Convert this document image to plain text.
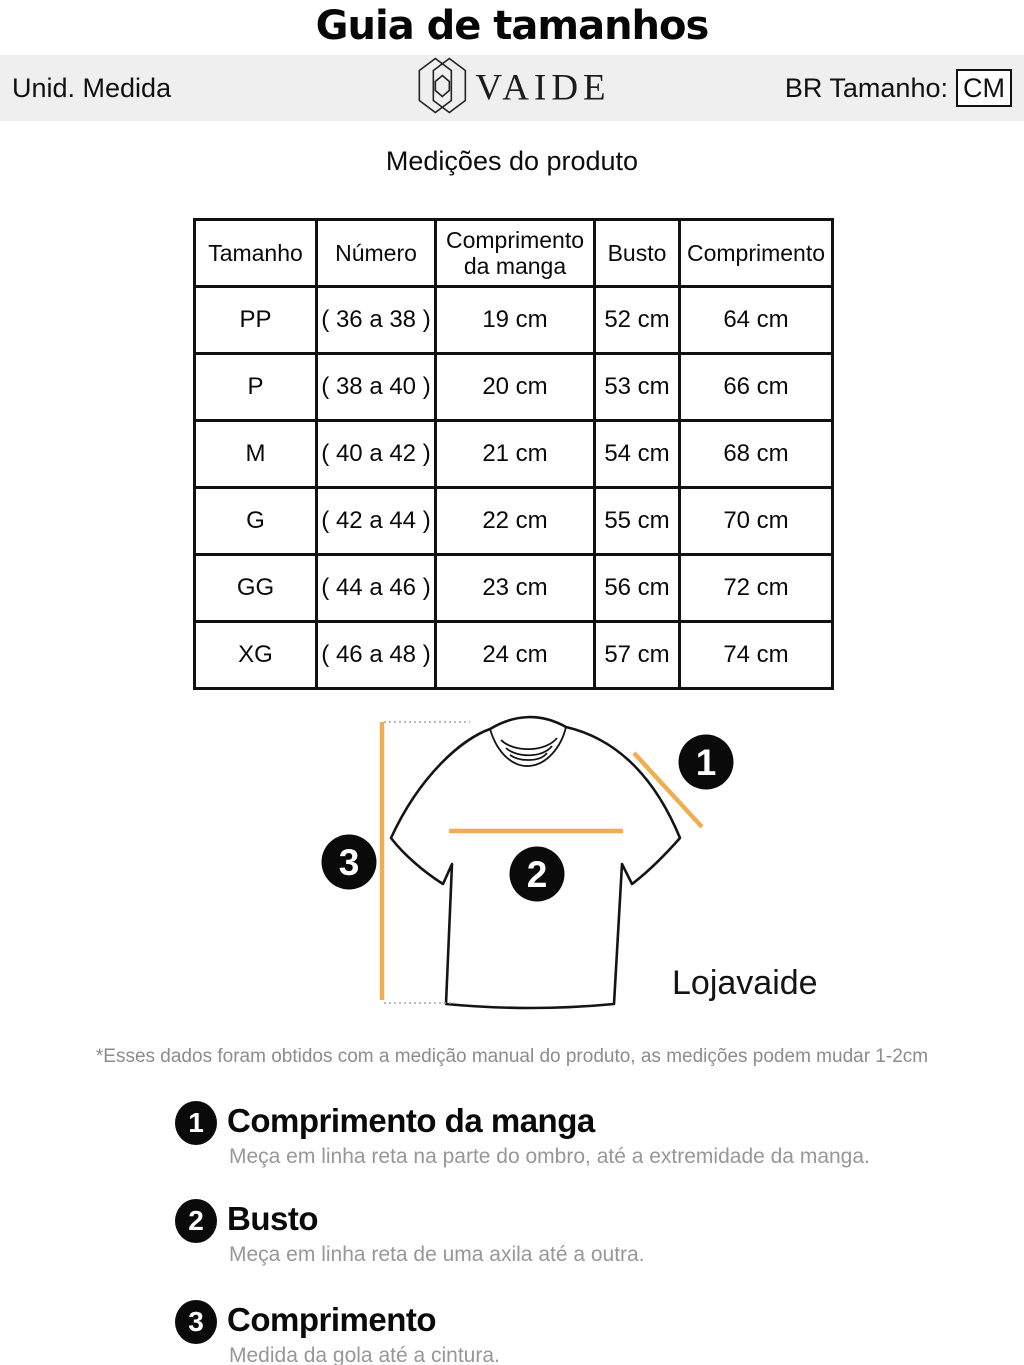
Guia de tamanhos
Unid. Medida	VAIDE	BR Tamanho: CM
Medições do produto
Tamanho	Número	Comprimento da manga	Busto	Comprimento
PP	( 36 a 38 )	19 cm	52 cm	64 cm
P	( 38 a 40 )	20 cm	53 cm	66 cm
M	( 40 a 42 )	21 cm	54 cm	68 cm
G	( 42 a 44 )	22 cm	55 cm	70 cm
GG	( 44 a 46 )	23 cm	56 cm	72 cm
XG	( 46 a 48 )	24 cm	57 cm	74 cm
1
2
3
Lojavaide
*Esses dados foram obtidos com a medição manual do produto, as medições podem mudar 1-2cm
1 Comprimento da manga
Meça em linha reta na parte do ombro, até a extremidade da manga.
2 Busto
Meça em linha reta de uma axila até a outra.
3 Comprimento
Medida da gola até a cintura.
